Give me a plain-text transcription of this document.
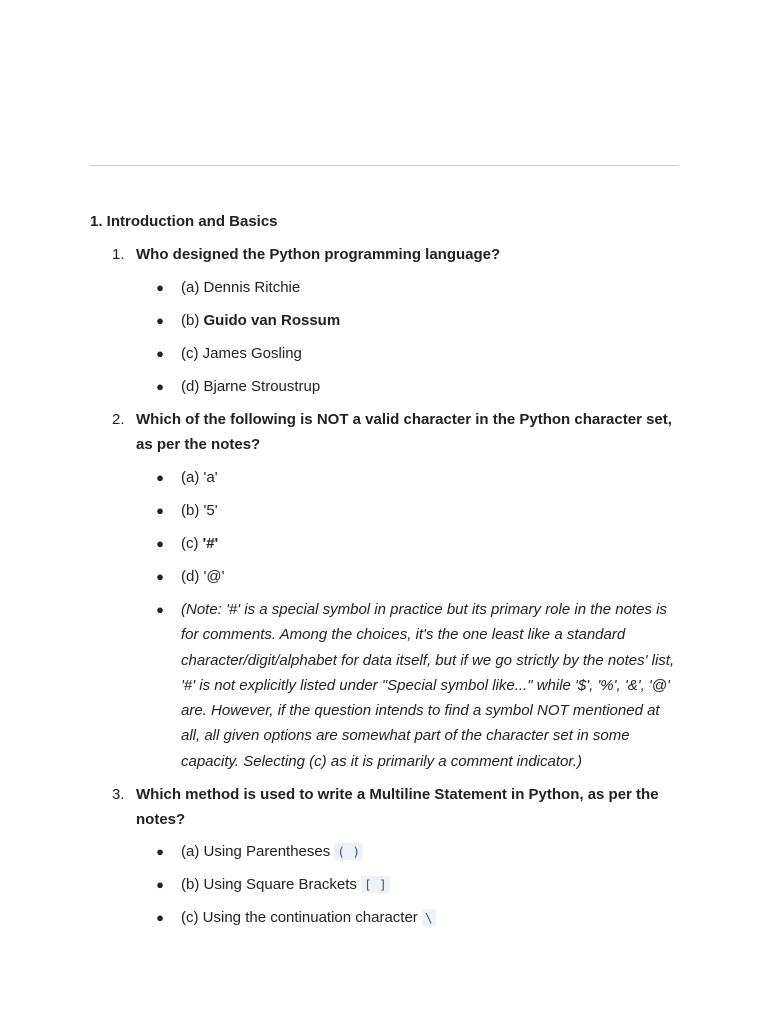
1. Introduction and Basics
1. Who designed the Python programming language?
● (a) Dennis Ritchie
● (b) Guido van Rossum
● (c) James Gosling
● (d) Bjarne Stroustrup
2. Which of the following is NOT a valid character in the Python character set, as per the notes?
● (a) 'a'
● (b) '5'
● (c) '#'
● (d) '@'
● (Note: '#' is a special symbol in practice but its primary role in the notes is for comments. Among the choices, it's the one least like a standard character/digit/alphabet for data itself, but if we go strictly by the notes' list, '#' is not explicitly listed under "Special symbol like..." while '$', '%', '&', '@' are. However, if the question intends to find a symbol NOT mentioned at all, all given options are somewhat part of the character set in some capacity. Selecting (c) as it is primarily a comment indicator.)
3. Which method is used to write a Multiline Statement in Python, as per the notes?
● (a) Using Parentheses ( )
● (b) Using Square Brackets [ ]
● (c) Using the continuation character \
